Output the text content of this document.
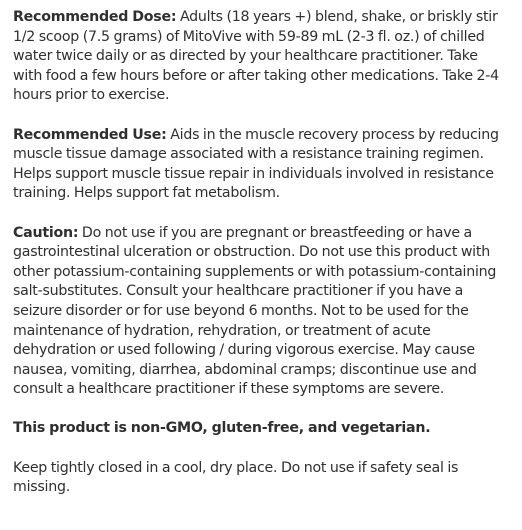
Recommended Dose: Adults (18 years +) blend, shake, or briskly stir 1/2 scoop (7.5 grams) of MitoVive with 59-89 mL (2-3 fl. oz.) of chilled water twice daily or as directed by your healthcare practitioner. Take with food a few hours before or after taking other medications. Take 2-4 hours prior to exercise.

Recommended Use: Aids in the muscle recovery process by reducing muscle tissue damage associated with a resistance training regimen. Helps support muscle tissue repair in individuals involved in resistance training. Helps support fat metabolism.

Caution: Do not use if you are pregnant or breastfeeding or have a gastrointestinal ulceration or obstruction. Do not use this product with other potassium-containing supplements or with potassium-containing salt-substitutes. Consult your healthcare practitioner if you have a seizure disorder or for use beyond 6 months. Not to be used for the maintenance of hydration, rehydration, or treatment of acute dehydration or used following / during vigorous exercise. May cause nausea, vomiting, diarrhea, abdominal cramps; discontinue use and consult a healthcare practitioner if these symptoms are severe.

This product is non-GMO, gluten-free, and vegetarian.

Keep tightly closed in a cool, dry place. Do not use if safety seal is missing.
